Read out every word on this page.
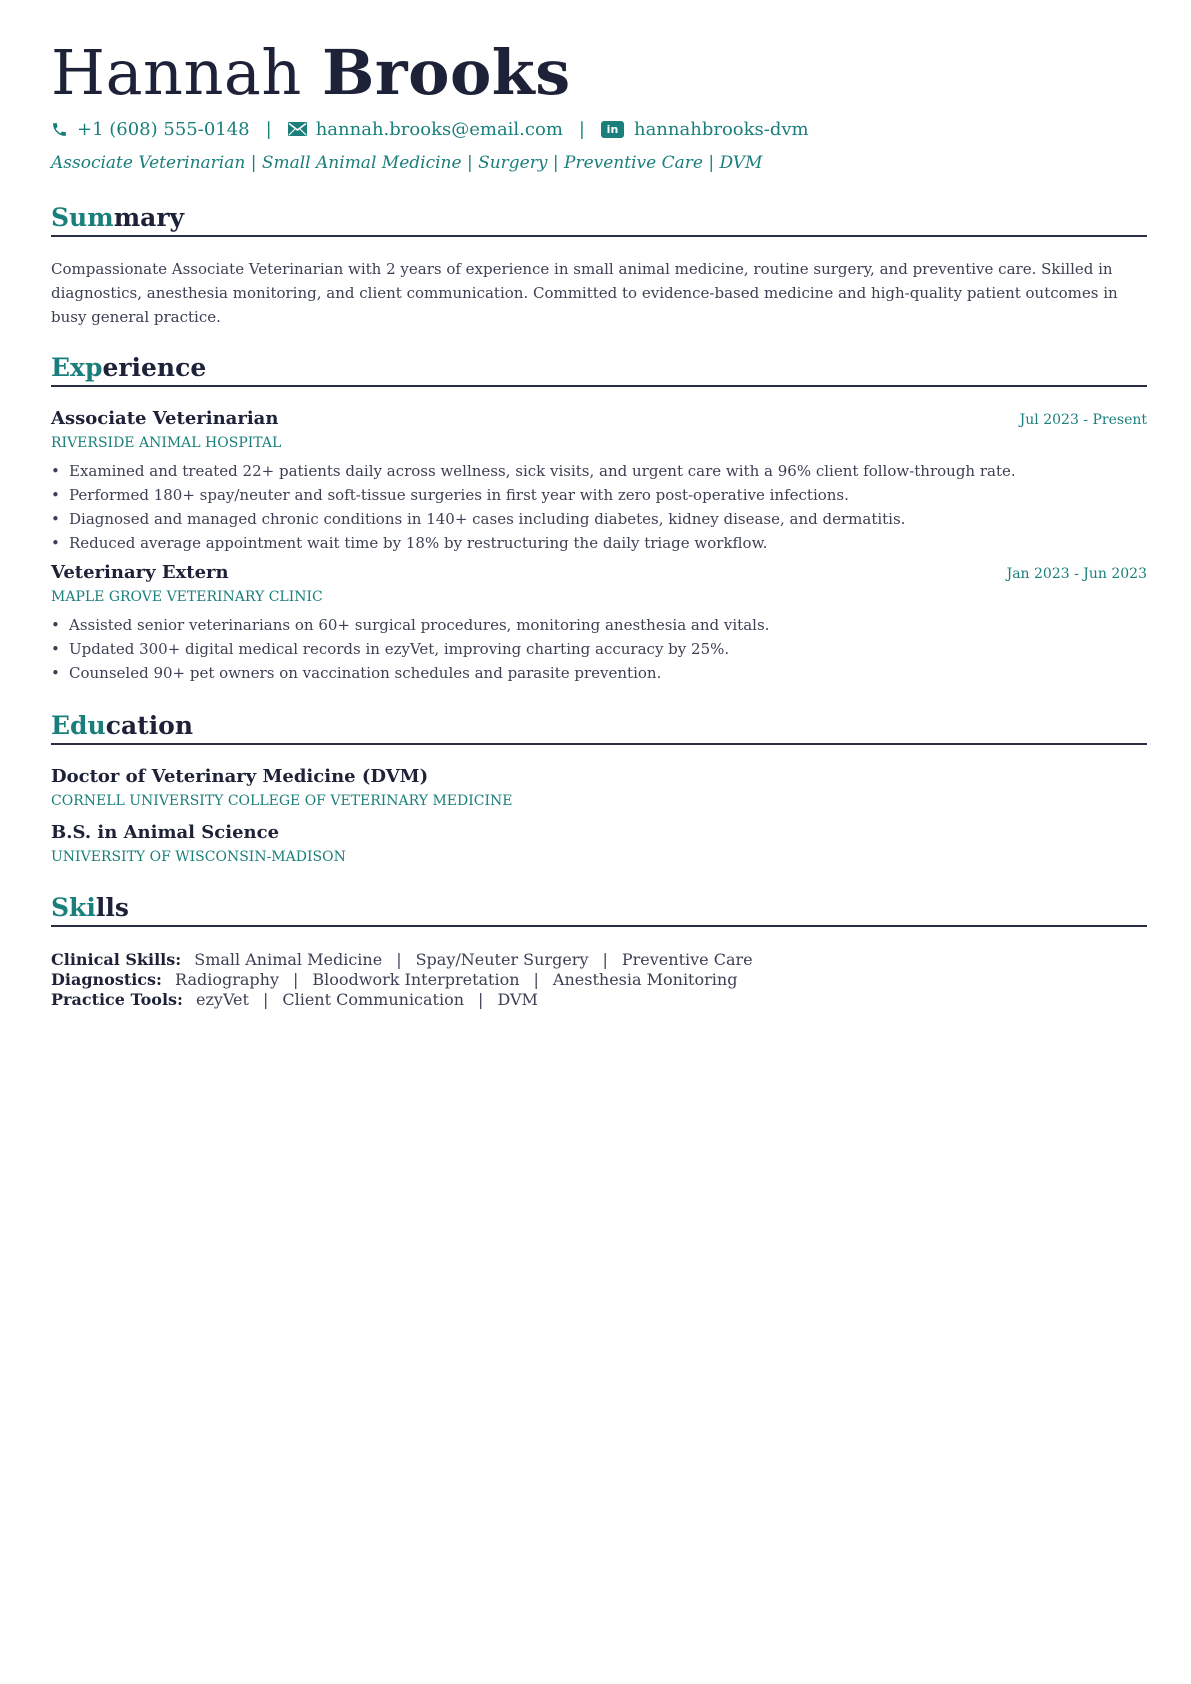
Hannah Brooks
+1 (608) 555-0148 | hannah.brooks@email.com |	in hannahbrooks-dvm
Associate Veterinarian | Small Animal Medicine | Surgery | Preventive Care | DVM
Summary
Compassionate Associate Veterinarian with 2 years of experience in small animal medicine, routine surgery, and preventive care. Skilled in diagnostics, anesthesia monitoring, and client communication. Committed to evidence-based medicine and high-quality patient outcomes in busy general practice.
Experience
Associate Veterinarian	Jul 2023 - Present
RIVERSIDE ANIMAL HOSPITAL
• Examined and treated 22+ patients daily across wellness, sick visits, and urgent care with a 96% client follow-through rate.
• Performed 180+ spay/neuter and soft-tissue surgeries in first year with zero post-operative infections.
• Diagnosed and managed chronic conditions in 140+ cases including diabetes, kidney disease, and dermatitis.
• Reduced average appointment wait time by 18% by restructuring the daily triage workflow.
Veterinary Extern	Jan 2023 - Jun 2023
MAPLE GROVE VETERINARY CLINIC
• Assisted senior veterinarians on 60+ surgical procedures, monitoring anesthesia and vitals.
• Updated 300+ digital medical records in ezyVet, improving charting accuracy by 25%.
• Counseled 90+ pet owners on vaccination schedules and parasite prevention.
Education
Doctor of Veterinary Medicine (DVM)
CORNELL UNIVERSITY COLLEGE OF VETERINARY MEDICINE
B.S. in Animal Science
UNIVERSITY OF WISCONSIN-MADISON
Skills
Clinical Skills: Small Animal Medicine | Spay/Neuter Surgery | Preventive Care
Diagnostics: Radiography | Bloodwork Interpretation | Anesthesia Monitoring
Practice Tools: ezyVet | Client Communication | DVM
